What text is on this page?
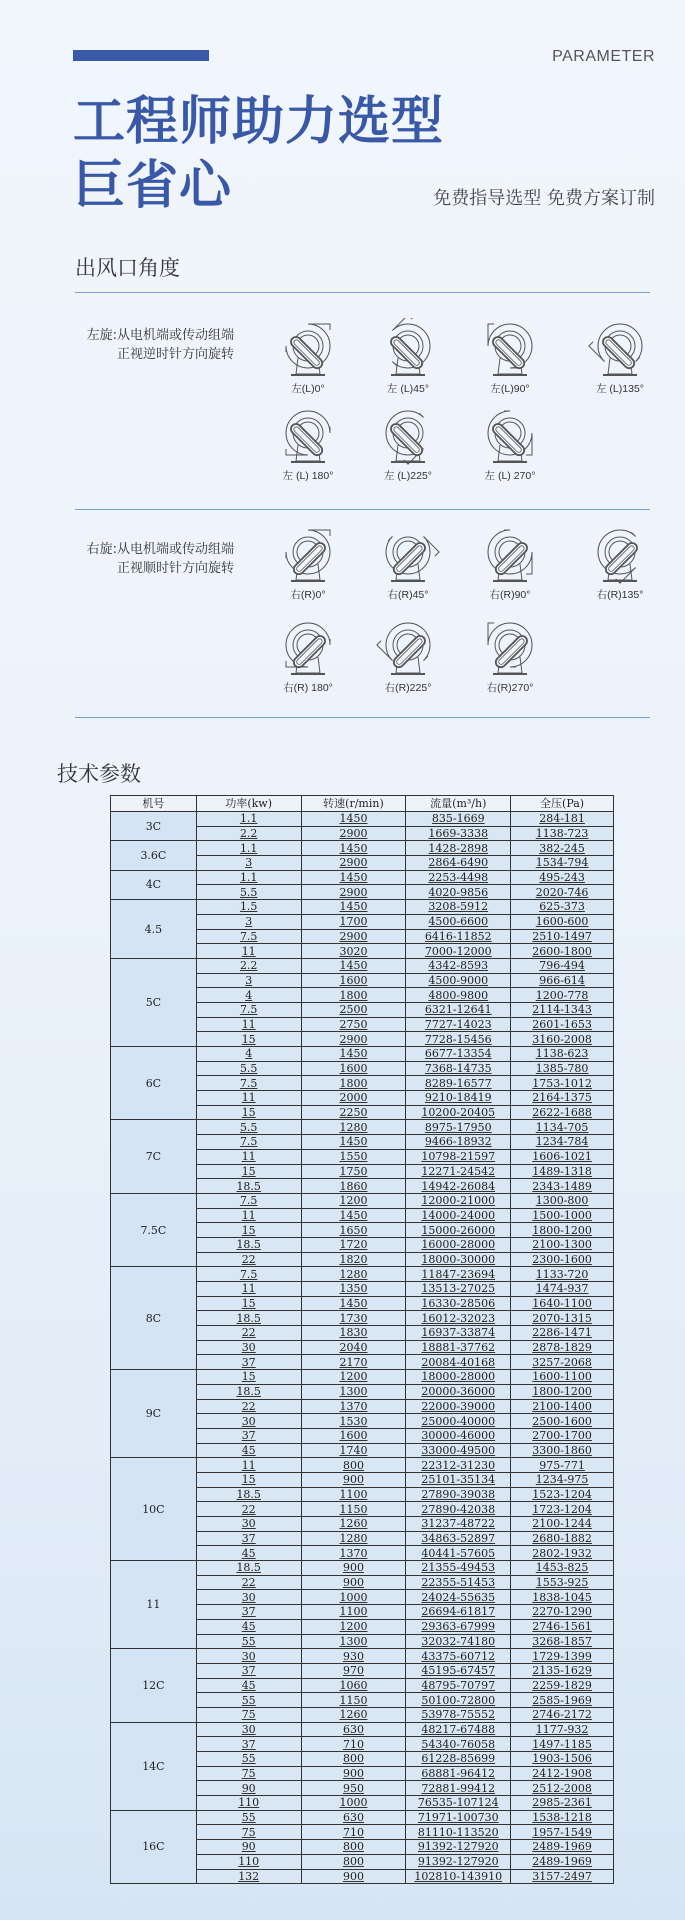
PARAMETER
工程师助力选型
巨省心	免费指导选型 免费方案订制
出风口角度
左旋:从电机端或传动组端
正视逆时针方向旋转
左(L)0°	左 (L)45°	左(L)90°	左 (L)135°
左 (L) 180°	左 (L)225°	左 (L) 270°
右旋:从电机端或传动组端
正视顺时针方向旋转
右(R)0°	右(R)45°	右(R)90°	右(R)135°
右(R) 180°	右(R)225°	右(R)270°
技术参数
机号	功率(kw)	转速(r/min)	流量(m³/h)	全压(Pa)
3C	1.1	1450	835-1669	284-181
	2.2	2900	1669-3338	1138-723
3.6C	1.1	1450	1428-2898	382-245
	3	2900	2864-6490	1534-794
4C	1.1	1450	2253-4498	495-243
	5.5	2900	4020-9856	2020-746
4.5	1.5	1450	3208-5912	625-373
	3	1700	4500-6600	1600-600
	7.5	2900	6416-11852	2510-1497
	11	3020	7000-12000	2600-1800
5C	2.2	1450	4342-8593	796-494
	3	1600	4500-9000	966-614
	4	1800	4800-9800	1200-778
	7.5	2500	6321-12641	2114-1343
	11	2750	7727-14023	2601-1653
	15	2900	7728-15456	3160-2008
6C	4	1450	6677-13354	1138-623
	5.5	1600	7368-14735	1385-780
	7.5	1800	8289-16577	1753-1012
	11	2000	9210-18419	2164-1375
	15	2250	10200-20405	2622-1688
7C	5.5	1280	8975-17950	1134-705
	7.5	1450	9466-18932	1234-784
	11	1550	10798-21597	1606-1021
	15	1750	12271-24542	1489-1318
	18.5	1860	14942-26084	2343-1489
7.5C	7.5	1200	12000-21000	1300-800
	11	1450	14000-24000	1500-1000
	15	1650	15000-26000	1800-1200
	18.5	1720	16000-28000	2100-1300
	22	1820	18000-30000	2300-1600
8C	7.5	1280	11847-23694	1133-720
	11	1350	13513-27025	1474-937
	15	1450	16330-28506	1640-1100
	18.5	1730	16012-32023	2070-1315
	22	1830	16937-33874	2286-1471
	30	2040	18881-37762	2878-1829
	37	2170	20084-40168	3257-2068
9C	15	1200	18000-28000	1600-1100
	18.5	1300	20000-36000	1800-1200
	22	1370	22000-39000	2100-1400
	30	1530	25000-40000	2500-1600
	37	1600	30000-46000	2700-1700
	45	1740	33000-49500	3300-1860
10C	11	800	22312-31230	975-771
	15	900	25101-35134	1234-975
	18.5	1100	27890-39038	1523-1204
	22	1150	27890-42038	1723-1204
	30	1260	31237-48722	2100-1244
	37	1280	34863-52897	2680-1882
	45	1370	40441-57605	2802-1932
11	18.5	900	21355-49453	1453-825
	22	900	22355-51453	1553-925
	30	1000	24024-55635	1838-1045
	37	1100	26694-61817	2270-1290
	45	1200	29363-67999	2746-1561
	55	1300	32032-74180	3268-1857
12C	30	930	43375-60712	1729-1399
	37	970	45195-67457	2135-1629
	45	1060	48795-70797	2259-1829
	55	1150	50100-72800	2585-1969
	75	1260	53978-75552	2746-2172
14C	30	630	48217-67488	1177-932
	37	710	54340-76058	1497-1185
	55	800	61228-85699	1903-1506
	75	900	68881-96412	2412-1908
	90	950	72881-99412	2512-2008
	110	1000	76535-107124	2985-2361
16C	55	630	71971-100730	1538-1218
	75	710	81110-113520	1957-1549
	90	800	91392-127920	2489-1969
	110	800	91392-127920	2489-1969
	132	900	102810-143910	3157-2497
